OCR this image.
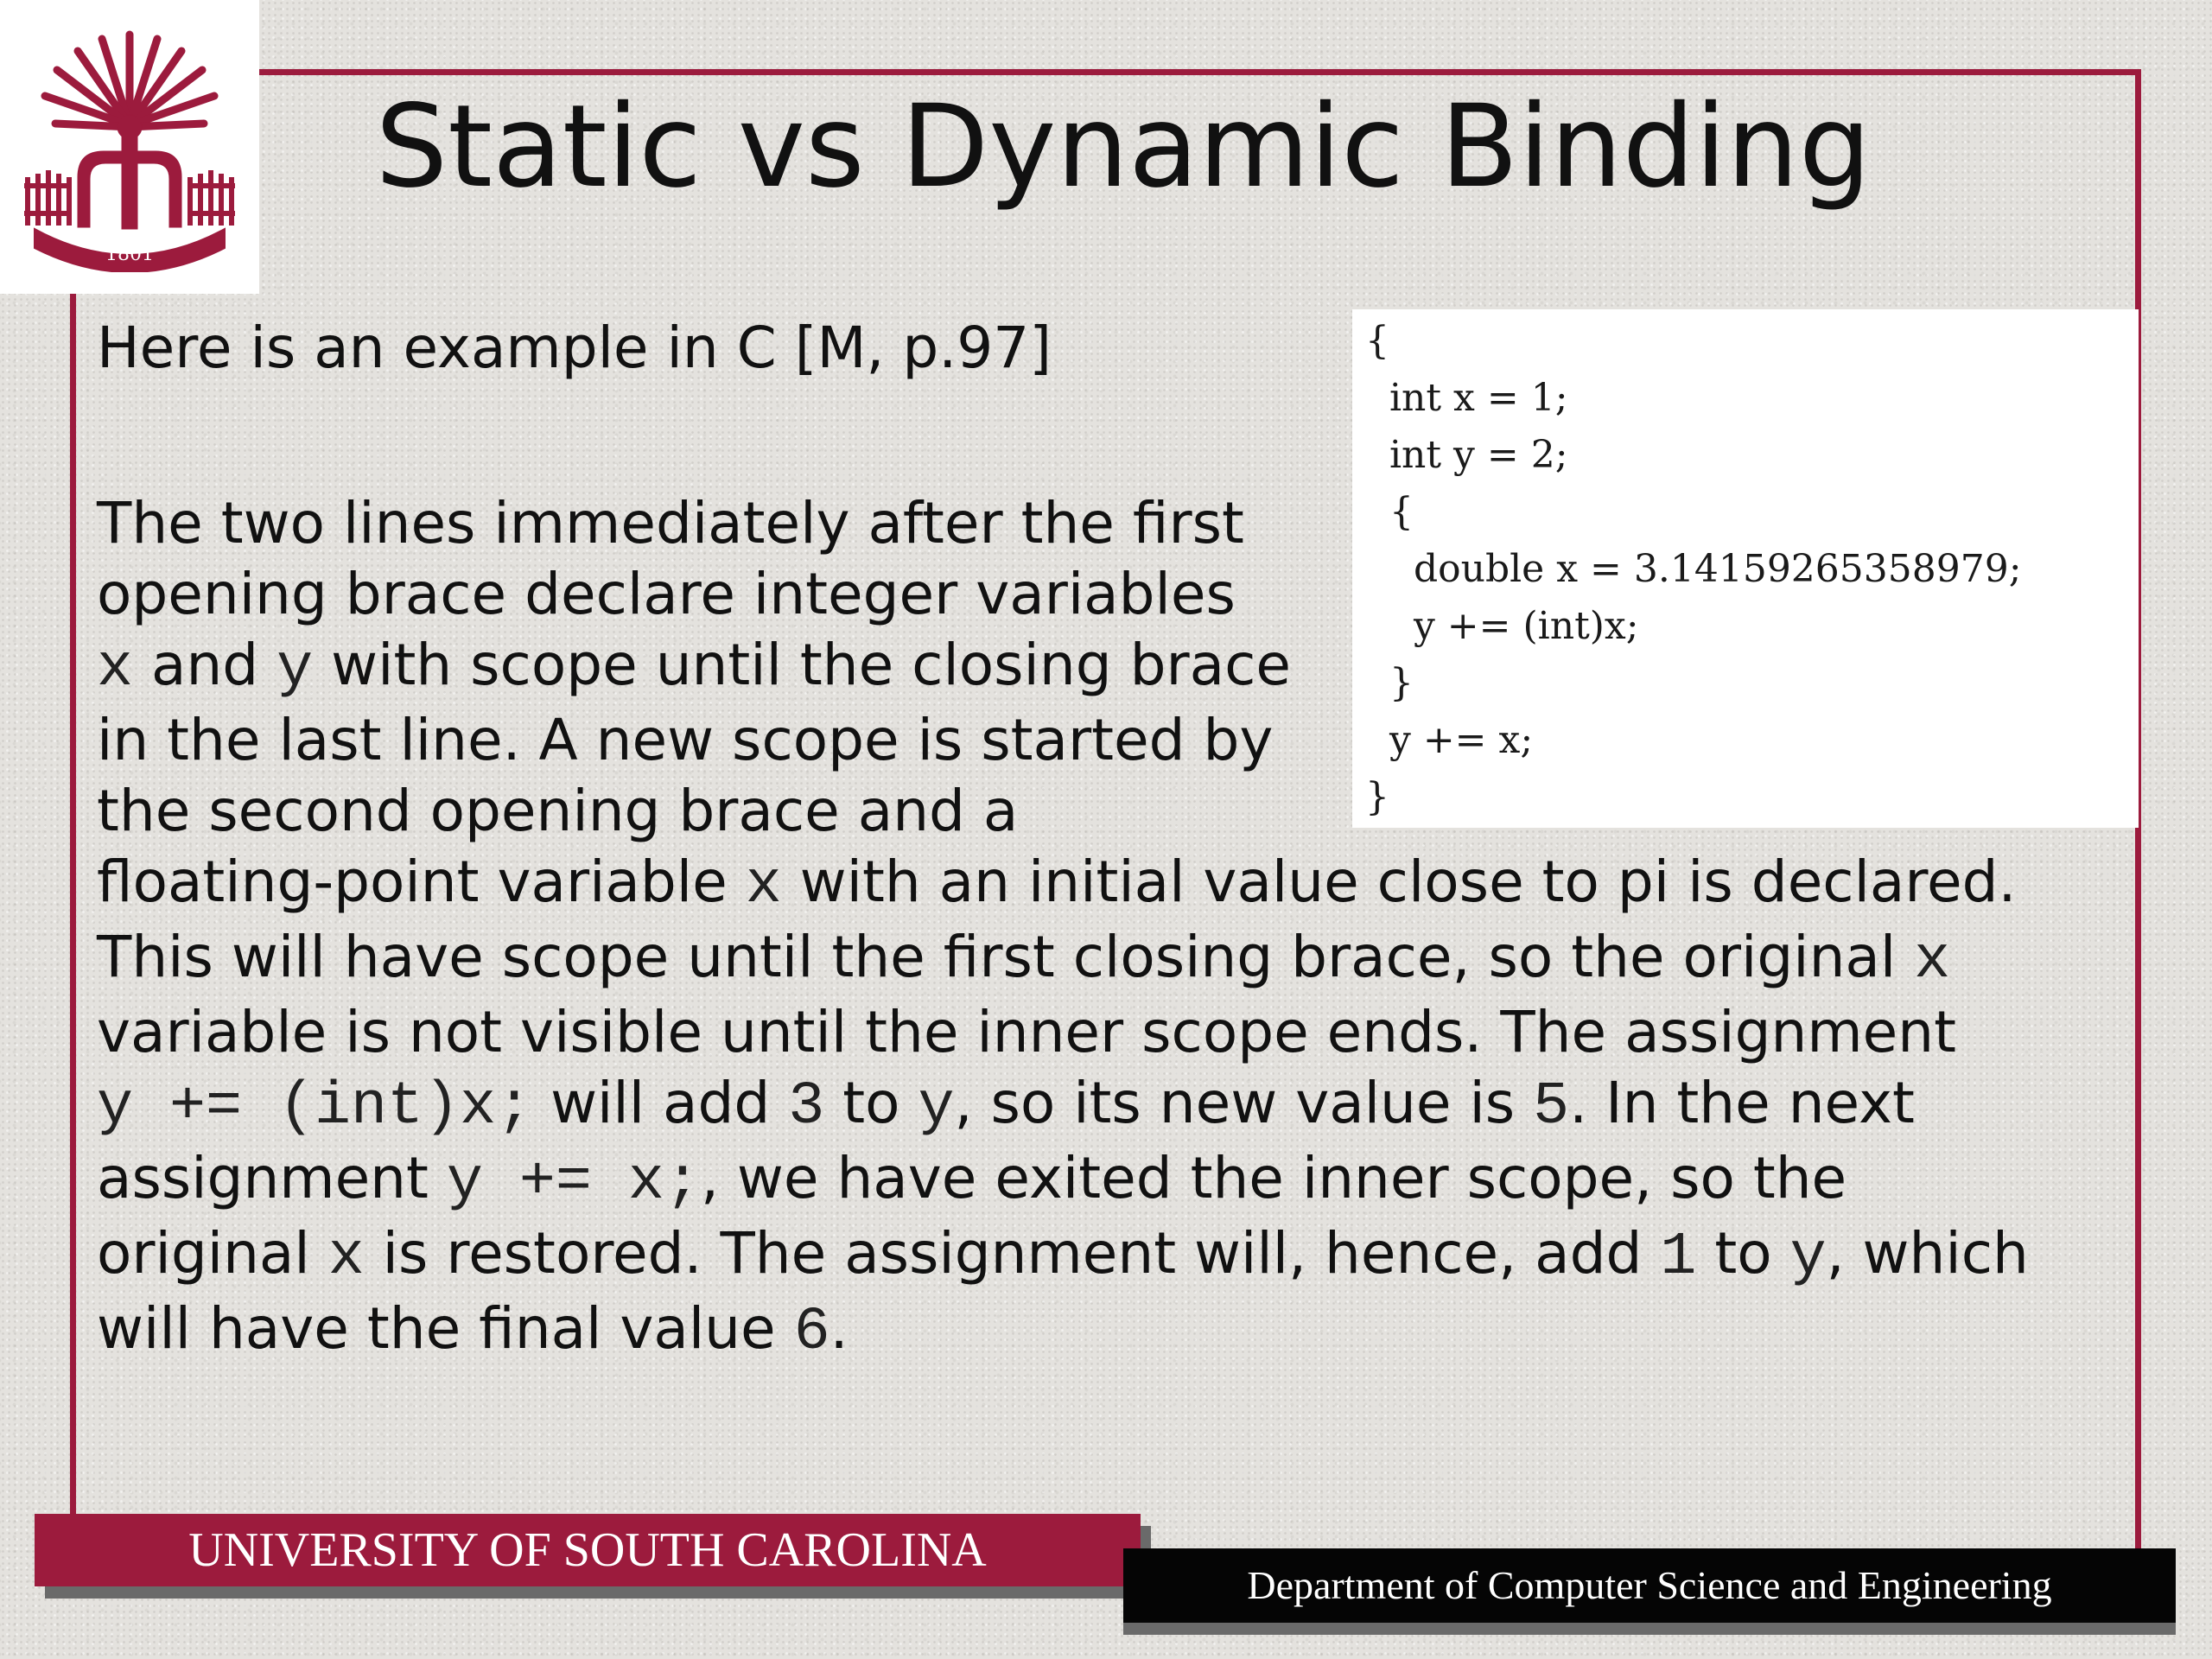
1801
Static vs Dynamic Binding

Here is an example in C [M, p.97]	{
int x = 1;
int y = 2;
{
double x = 3.14159265358979;
y += (int)x;
}
y += x;
}
The two lines immediately after the first
opening brace declare integer variables
x and y with scope until the closing brace
in the last line. A new scope is started by
the second opening brace and a
floating-point variable x with an initial value close to pi is declared.
This will have scope until the first closing brace, so the original x
variable is not visible until the inner scope ends. The assignment
y += (int)x; will add 3 to y, so its new value is 5. In the next
assignment y += x;, we have exited the inner scope, so the
original x is restored. The assignment will, hence, add 1 to y, which
will have the final value 6.
UNIVERSITY OF SOUTH CAROLINA
Department of Computer Science and Engineering
